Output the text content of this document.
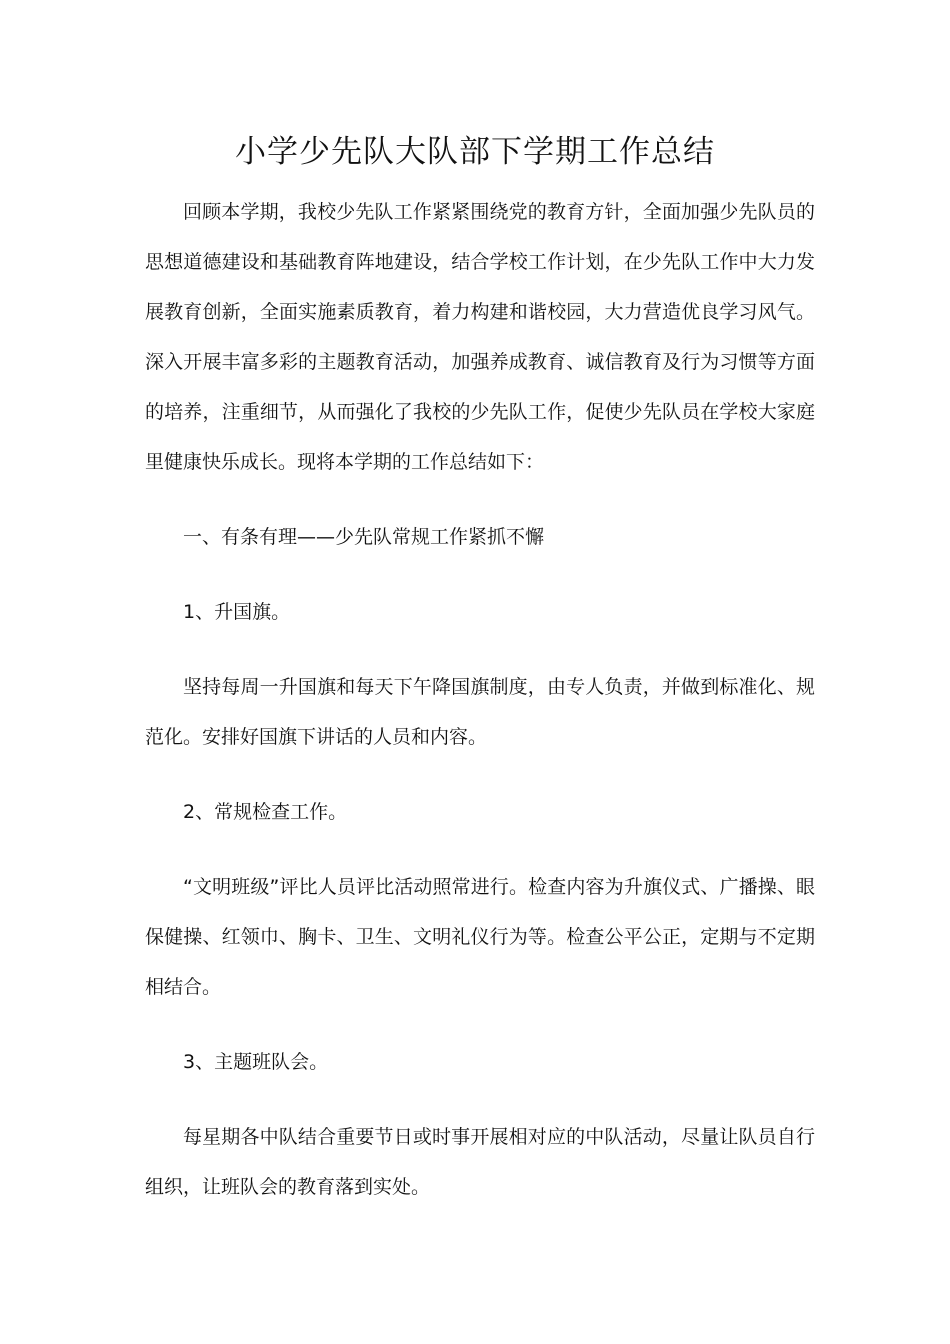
小学少先队大队部下学期工作总结

回顾本学期，我校少先队工作紧紧围绕党的教育方针，全面加强少先队员的思想道德建设和基础教育阵地建设，结合学校工作计划，在少先队工作中大力发展教育创新，全面实施素质教育，着力构建和谐校园，大力营造优良学习风气。深入开展丰富多彩的主题教育活动，加强养成教育、诚信教育及行为习惯等方面的培养，注重细节，从而强化了我校的少先队工作，促使少先队员在学校大家庭里健康快乐成长。现将本学期的工作总结如下：

一、有条有理——少先队常规工作紧抓不懈

1、升国旗。

坚持每周一升国旗和每天下午降国旗制度，由专人负责，并做到标准化、规范化。安排好国旗下讲话的人员和内容。

2、常规检查工作。

“文明班级”评比人员评比活动照常进行。检查内容为升旗仪式、广播操、眼保健操、红领巾、胸卡、卫生、文明礼仪行为等。检查公平公正，定期与不定期相结合。

3、主题班队会。

每星期各中队结合重要节日或时事开展相对应的中队活动，尽量让队员自行组织，让班队会的教育落到实处。
